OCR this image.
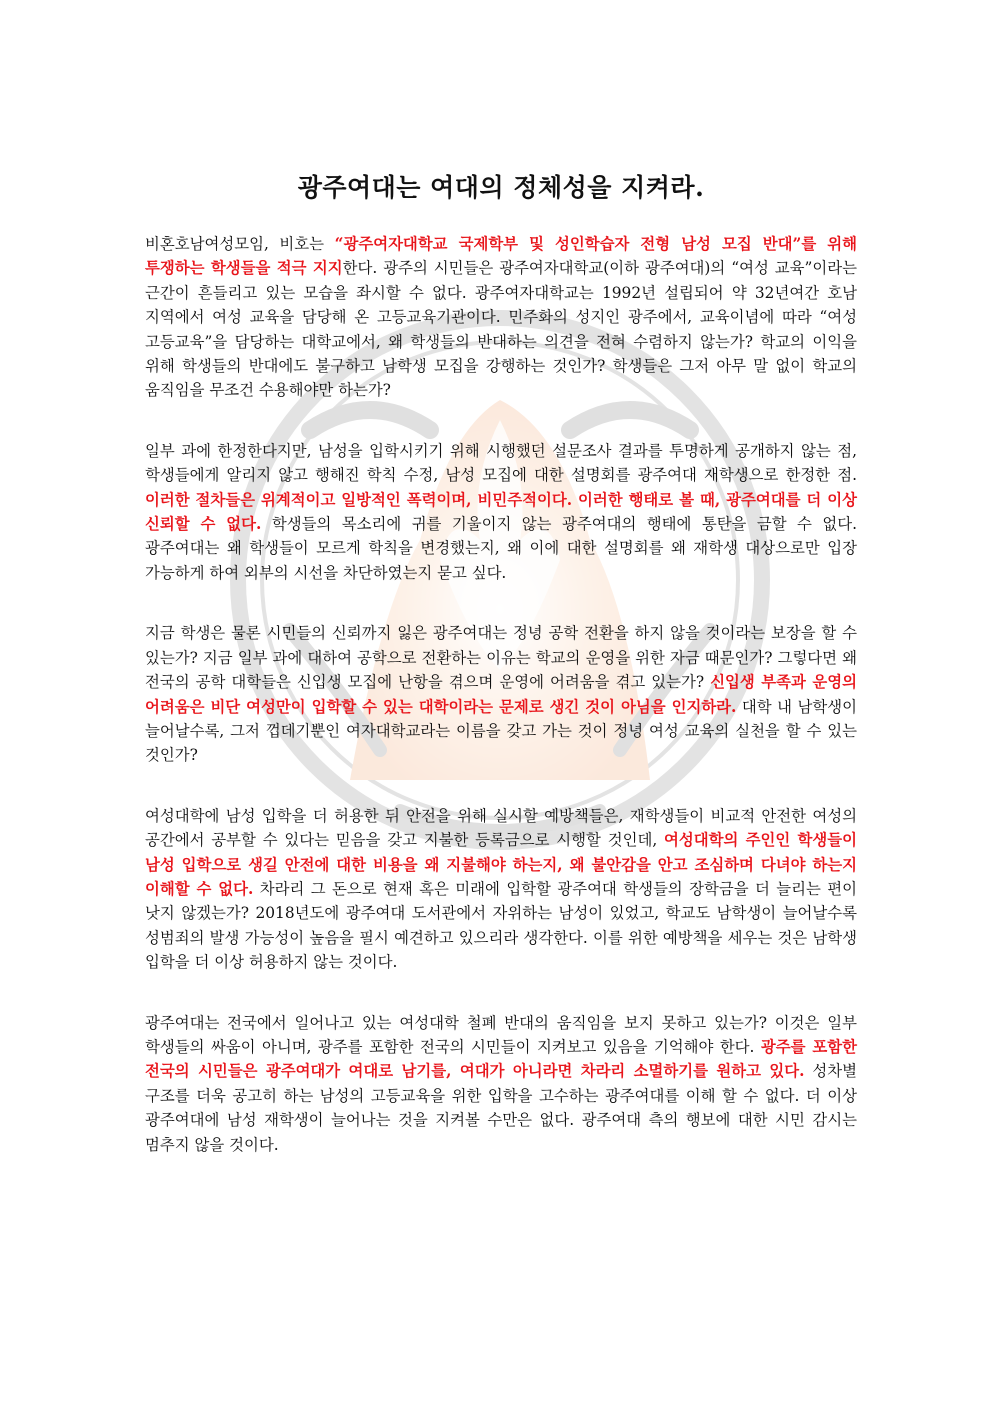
광주여대는 여대의 정체성을 지켜라.

비혼호남여성모임, 비호는 “광주여자대학교 국제학부 및 성인학습자 전형 남성 모집 반대”를 위해 투쟁하는 학생들을 적극 지지한다. 광주의 시민들은 광주여자대학교(이하 광주여대)의 “여성 교육”이라는 근간이 흔들리고 있는 모습을 좌시할 수 없다. 광주여자대학교는 1992년 설립되어 약 32년여간 호남 지역에서 여성 교육을 담당해 온 고등교육기관이다. 민주화의 성지인 광주에서, 교육이념에 따라 “여성 고등교육”을 담당하는 대학교에서, 왜 학생들의 반대하는 의견을 전혀 수렴하지 않는가? 학교의 이익을 위해 학생들의 반대에도 불구하고 남학생 모집을 강행하는 것인가? 학생들은 그저 아무 말 없이 학교의 움직임을 무조건 수용해야만 하는가?

일부 과에 한정한다지만, 남성을 입학시키기 위해 시행했던 설문조사 결과를 투명하게 공개하지 않는 점, 학생들에게 알리지 않고 행해진 학칙 수정, 남성 모집에 대한 설명회를 광주여대 재학생으로 한정한 점. 이러한 절차들은 위계적이고 일방적인 폭력이며, 비민주적이다. 이러한 행태로 볼 때, 광주여대를 더 이상 신뢰할 수 없다. 학생들의 목소리에 귀를 기울이지 않는 광주여대의 행태에 통탄을 금할 수 없다. 광주여대는 왜 학생들이 모르게 학칙을 변경했는지, 왜 이에 대한 설명회를 왜 재학생 대상으로만 입장 가능하게 하여 외부의 시선을 차단하였는지 묻고 싶다.

지금 학생은 물론 시민들의 신뢰까지 잃은 광주여대는 정녕 공학 전환을 하지 않을 것이라는 보장을 할 수 있는가? 지금 일부 과에 대하여 공학으로 전환하는 이유는 학교의 운영을 위한 자금 때문인가? 그렇다면 왜 전국의 공학 대학들은 신입생 모집에 난항을 겪으며 운영에 어려움을 겪고 있는가? 신입생 부족과 운영의 어려움은 비단 여성만이 입학할 수 있는 대학이라는 문제로 생긴 것이 아님을 인지하라. 대학 내 남학생이 늘어날수록, 그저 껍데기뿐인 여자대학교라는 이름을 갖고 가는 것이 정녕 여성 교육의 실천을 할 수 있는 것인가?

여성대학에 남성 입학을 더 허용한 뒤 안전을 위해 실시할 예방책들은, 재학생들이 비교적 안전한 여성의 공간에서 공부할 수 있다는 믿음을 갖고 지불한 등록금으로 시행할 것인데, 여성대학의 주인인 학생들이 남성 입학으로 생길 안전에 대한 비용을 왜 지불해야 하는지, 왜 불안감을 안고 조심하며 다녀야 하는지 이해할 수 없다. 차라리 그 돈으로 현재 혹은 미래에 입학할 광주여대 학생들의 장학금을 더 늘리는 편이 낫지 않겠는가? 2018년도에 광주여대 도서관에서 자위하는 남성이 있었고, 학교도 남학생이 늘어날수록 성범죄의 발생 가능성이 높음을 필시 예견하고 있으리라 생각한다. 이를 위한 예방책을 세우는 것은 남학생 입학을 더 이상 허용하지 않는 것이다.

광주여대는 전국에서 일어나고 있는 여성대학 철폐 반대의 움직임을 보지 못하고 있는가? 이것은 일부 학생들의 싸움이 아니며, 광주를 포함한 전국의 시민들이 지켜보고 있음을 기억해야 한다. 광주를 포함한 전국의 시민들은 광주여대가 여대로 남기를, 여대가 아니라면 차라리 소멸하기를 원하고 있다. 성차별 구조를 더욱 공고히 하는 남성의 고등교육을 위한 입학을 고수하는 광주여대를 이해 할 수 없다. 더 이상 광주여대에 남성 재학생이 늘어나는 것을 지켜볼 수만은 없다. 광주여대 측의 행보에 대한 시민 감시는 멈추지 않을 것이다.
